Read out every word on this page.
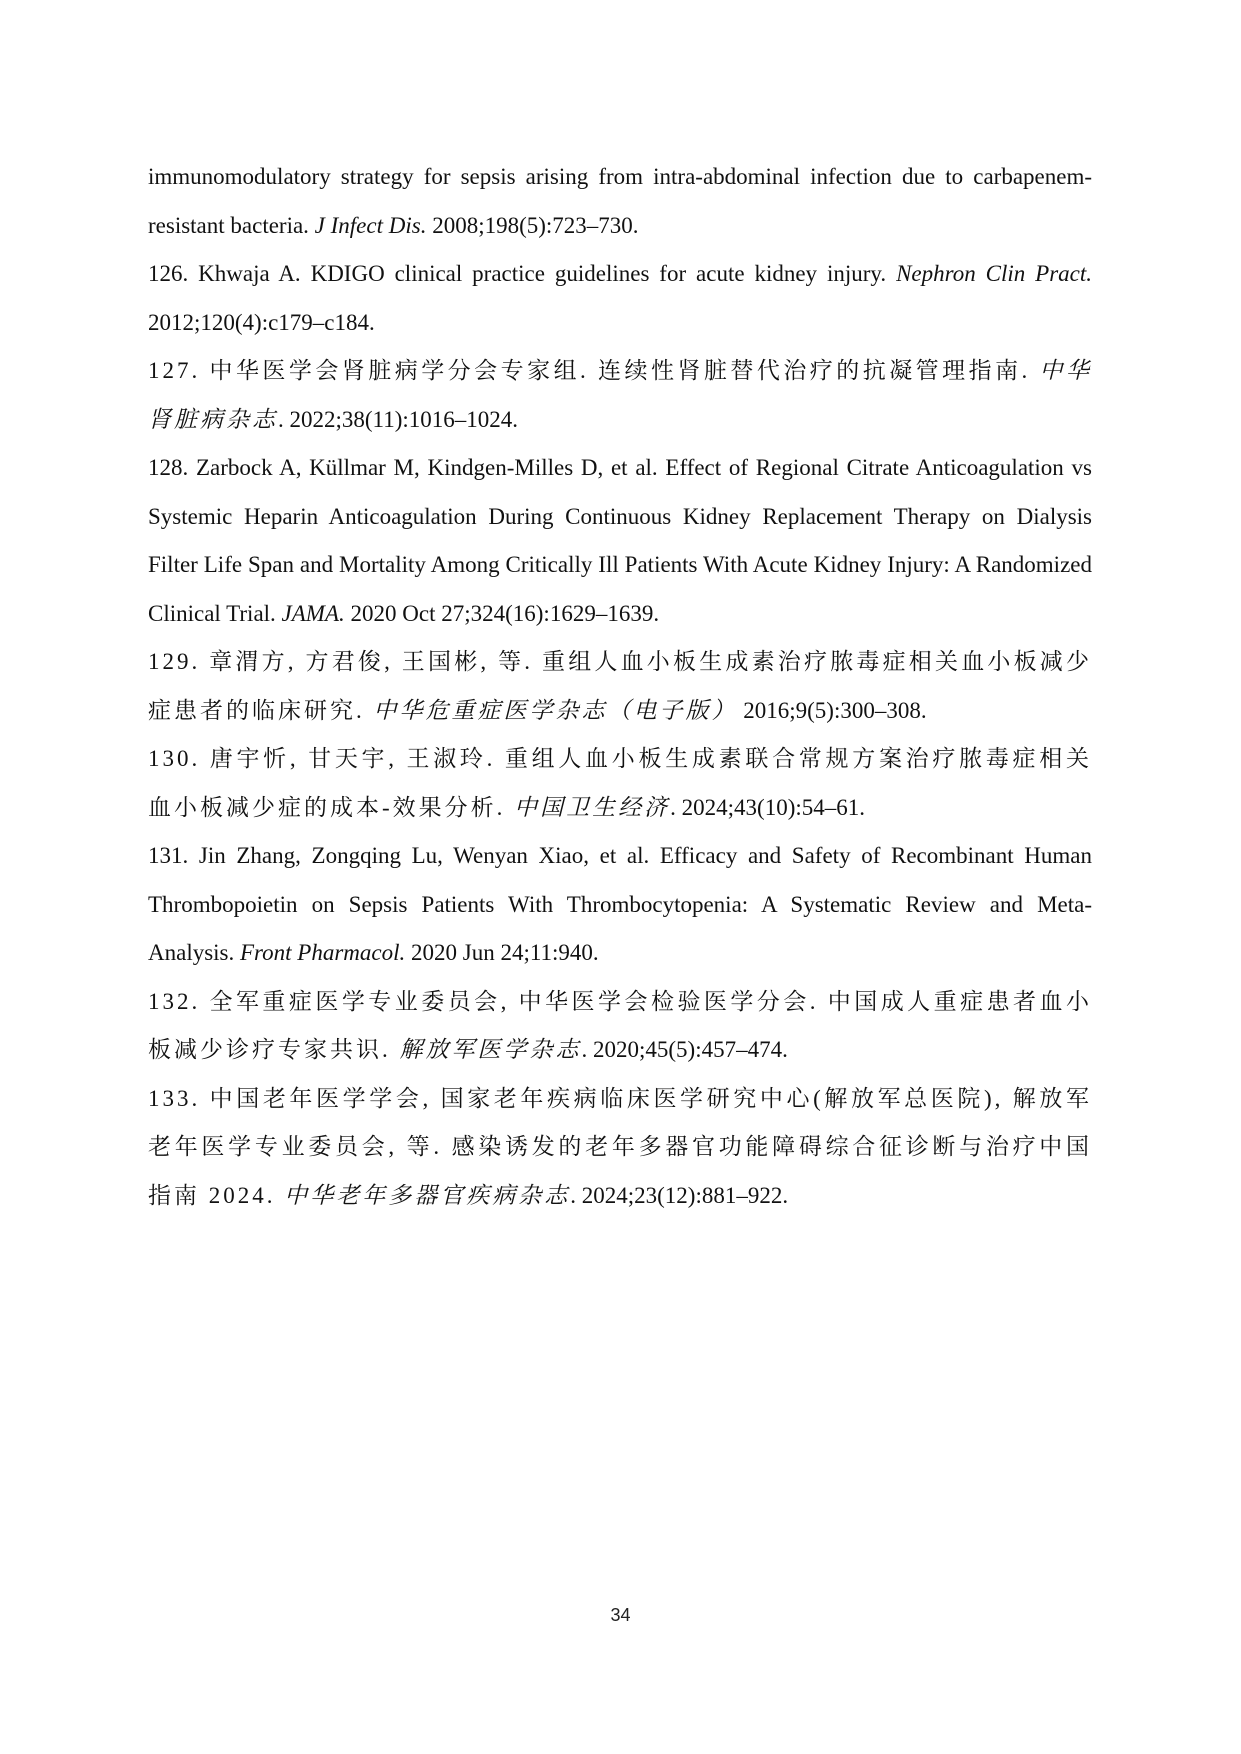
immunomodulatory strategy for sepsis arising from intra-abdominal infection due to carbapenem-resistant bacteria. J Infect Dis. 2008;198(5):723–730.

126. Khwaja A. KDIGO clinical practice guidelines for acute kidney injury. Nephron Clin Pract. 2012;120(4):c179–c184.

127. 中华医学会肾脏病学分会专家组. 连续性肾脏替代治疗的抗凝管理指南. 中华肾脏病杂志. 2022;38(11):1016–1024.

128. Zarbock A, Küllmar M, Kindgen-Milles D, et al. Effect of Regional Citrate Anticoagulation vs Systemic Heparin Anticoagulation During Continuous Kidney Replacement Therapy on Dialysis Filter Life Span and Mortality Among Critically Ill Patients With Acute Kidney Injury: A Randomized Clinical Trial. JAMA. 2020 Oct 27;324(16):1629–1639.

129. 章渭方, 方君俊, 王国彬, 等. 重组人血小板生成素治疗脓毒症相关血小板减少症患者的临床研究. 中华危重症医学杂志（电子版） 2016;9(5):300–308.

130. 唐宇忻, 甘天宇, 王淑玲. 重组人血小板生成素联合常规方案治疗脓毒症相关血小板减少症的成本-效果分析. 中国卫生经济. 2024;43(10):54–61.

131. Jin Zhang, Zongqing Lu, Wenyan Xiao, et al. Efficacy and Safety of Recombinant Human Thrombopoietin on Sepsis Patients With Thrombocytopenia: A Systematic Review and Meta-Analysis. Front Pharmacol. 2020 Jun 24;11:940.

132. 全军重症医学专业委员会, 中华医学会检验医学分会. 中国成人重症患者血小板减少诊疗专家共识. 解放军医学杂志. 2020;45(5):457–474.

133. 中国老年医学学会, 国家老年疾病临床医学研究中心(解放军总医院), 解放军老年医学专业委员会, 等. 感染诱发的老年多器官功能障碍综合征诊断与治疗中国指南 2024. 中华老年多器官疾病杂志. 2024;23(12):881–922.

34
